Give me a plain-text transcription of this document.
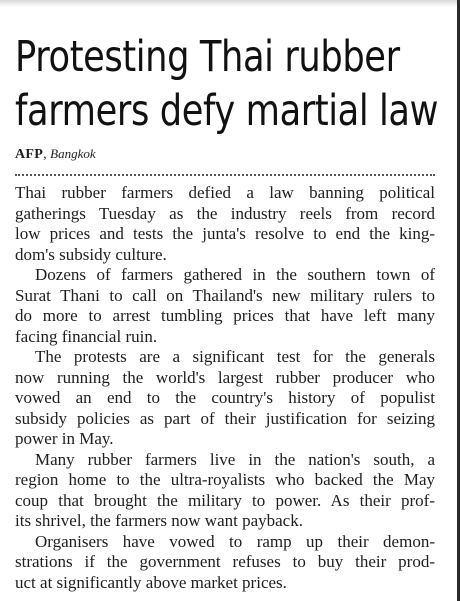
Protesting Thai rubber
farmers defy martial law
AFP, Bangkok
Thai rubber farmers defied a law banning political
gatherings Tuesday as the industry reels from record
low prices and tests the junta's resolve to end the king-
dom's subsidy culture.
Dozens of farmers gathered in the southern town of
Surat Thani to call on Thailand's new military rulers to
do more to arrest tumbling prices that have left many
facing financial ruin.
The protests are a significant test for the generals
now running the world's largest rubber producer who
vowed an end to the country's history of populist
subsidy policies as part of their justification for seizing
power in May.
Many rubber farmers live in the nation's south, a
region home to the ultra-royalists who backed the May
coup that brought the military to power. As their prof-
its shrivel, the farmers now want payback.
Organisers have vowed to ramp up their demon-
strations if the government refuses to buy their prod-
uct at significantly above market prices.
